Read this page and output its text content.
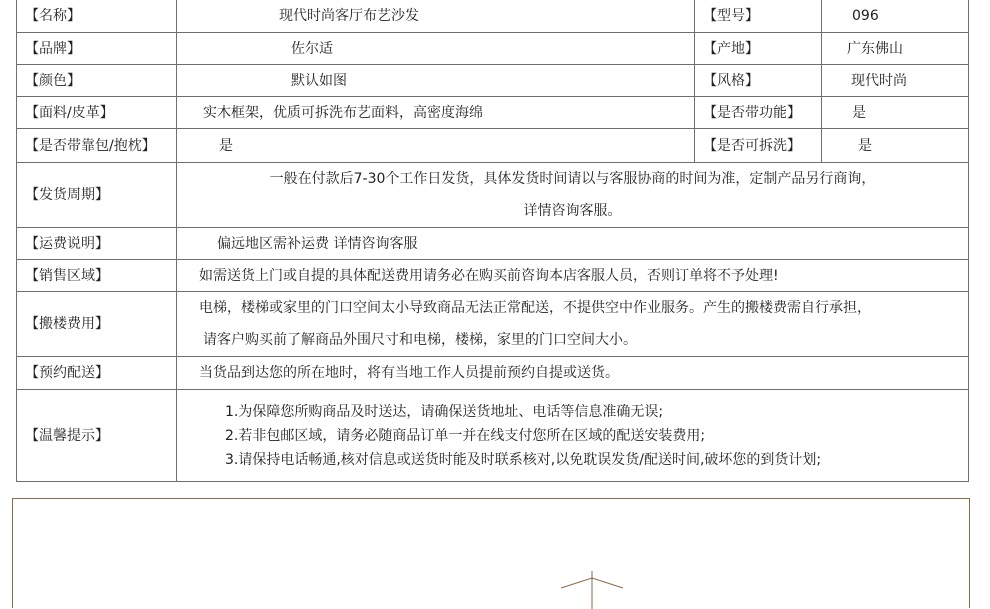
【名称】	现代时尚客厅布艺沙发	【型号】	096
【品牌】	佐尔适	【产地】	广东佛山
【颜色】	默认如图	【风格】	现代时尚
【面料/皮革】	实木框架，优质可拆洗布艺面料，高密度海绵	【是否带功能】	是
【是否带靠包/抱枕】	是	【是否可拆洗】	是
【发货周期】	一般在付款后7-30个工作日发货，具体发货时间请以与客服协商的时间为准，定制产品另行商询，
详情咨询客服。		

【运费说明】	偏远地区需补运费 详情咨询客服		
【销售区域】	如需送货上门或自提的具体配送费用请务必在购买前咨询本店客服人员，否则订单将不予处理!		
【搬楼费用】	电梯，楼梯或家里的门口空间太小导致商品无法正常配送，不提供空中作业服务。产生的搬楼费需自行承担，
请客户购买前了解商品外围尺寸和电梯，楼梯，家里的门口空间大小。		

【预约配送】	当货品到达您的所在地时，将有当地工作人员提前预约自提或送货。		
【温馨提示】	1.为保障您所购商品及时送达，请确保送货地址、电话等信息准确无误;
2.若非包邮区域，请务必随商品订单一并在线支付您所在区域的配送安装费用;
3.请保持电话畅通,核对信息或送货时能及时联系核对,以免耽误发货/配送时间,破坏您的到货计划;		
